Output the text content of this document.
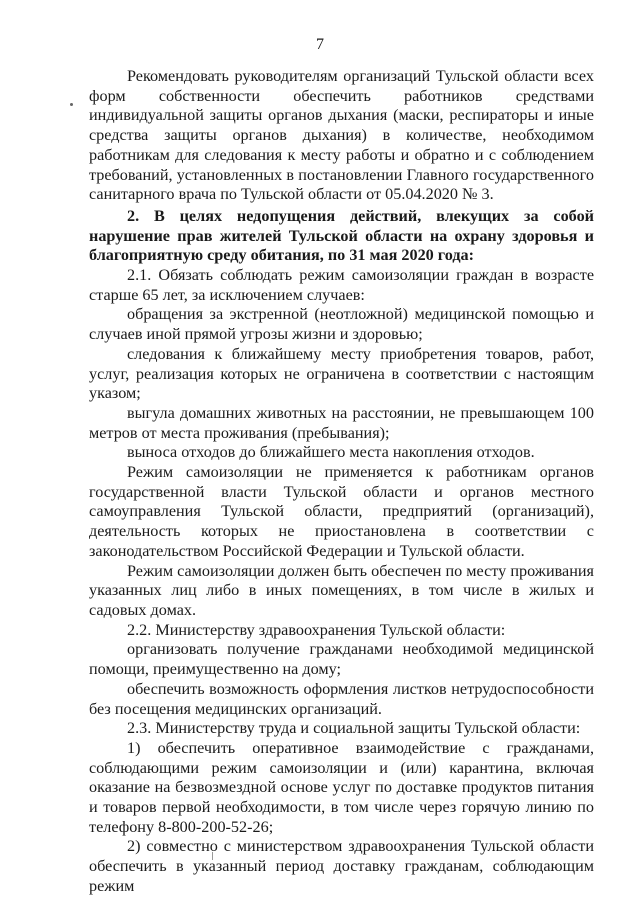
7

Рекомендовать руководителям организаций Тульской области всех форм собственности обеспечить работников средствами индивидуальной защиты органов дыхания (маски, респираторы и иные средства защиты органов дыхания) в количестве, необходимом работникам для следования к месту работы и обратно и с соблюдением требований, установленных в постановлении Главного государственного санитарного врача по Тульской области от 05.04.2020 № 3.

2. В целях недопущения действий, влекущих за собой нарушение прав жителей Тульской области на охрану здоровья и благоприятную среду обитания, по 31 мая 2020 года:

2.1. Обязать соблюдать режим самоизоляции граждан в возрасте старше 65 лет, за исключением случаев:

обращения за экстренной (неотложной) медицинской помощью и случаев иной прямой угрозы жизни и здоровью;

следования к ближайшему месту приобретения товаров, работ, услуг, реализация которых не ограничена в соответствии с настоящим указом;

выгула домашних животных на расстоянии, не превышающем 100 метров от места проживания (пребывания);

выноса отходов до ближайшего места накопления отходов.

Режим самоизоляции не применяется к работникам органов государственной власти Тульской области и органов местного самоуправления Тульской области, предприятий (организаций), деятельность которых не приостановлена в соответствии с законодательством Российской Федерации и Тульской области.

Режим самоизоляции должен быть обеспечен по месту проживания указанных лиц либо в иных помещениях, в том числе в жилых и садовых домах.

2.2. Министерству здравоохранения Тульской области:

организовать получение гражданами необходимой медицинской помощи, преимущественно на дому;

обеспечить возможность оформления листков нетрудоспособности без посещения медицинских организаций.

2.3. Министерству труда и социальной защиты Тульской области:

1) обеспечить оперативное взаимодействие с гражданами, соблюдающими режим самоизоляции и (или) карантина, включая оказание на безвозмездной основе услуг по доставке продуктов питания и товаров первой необходимости, в том числе через горячую линию по телефону 8-800-200-52-26;

2) совместно с министерством здравоохранения Тульской области обеспечить в указанный период доставку гражданам, соблюдающим режим
